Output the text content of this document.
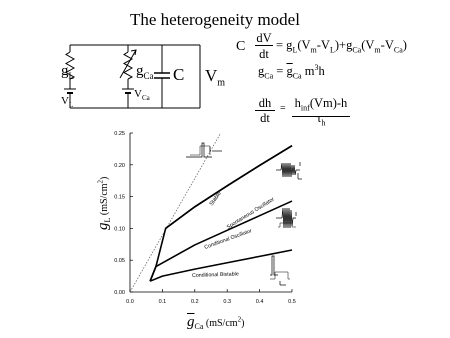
The heterogeneity model
0.00
0.05
0.10
0.15
0.20
0.25
0.0	0.1	0.2	0.3	0.4	0.5
Stable Spontaneous Oscillator
Conditional Oscillator
Conditional Bistable
$g_L$
$V_L$
$g_{Ca}$
$V_{Ca}$
C $V_m$
C
dV
dt
= $g_L(V_m-V_L)+g_{Ca}(V_m-V_{Ca})$
$g_{Ca} = \overline{g}_{Ca}$ $m^3h$
dh
dt
= $h_{inf}(Vm)-h$
$\tau_h$
$g_L$ $(mS/cm^2)$
$\overline{g}_{Ca}$ $(mS/cm^2)$
